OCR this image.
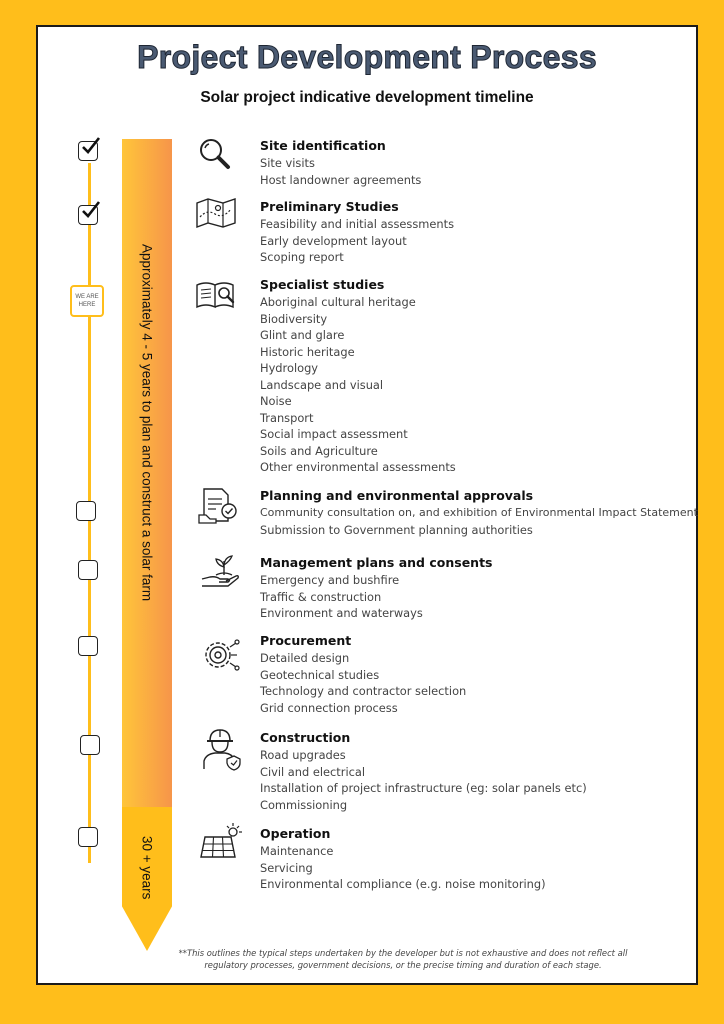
Project Development Process
Solar project indicative development timeline
WE ARE HERE	Approximately 4 - 5 years to plan and construct a solar farm
30 + years
Site identification
Site visits
Host landowner agreements
Preliminary Studies
Feasibility and initial assessments
Early development layout
Scoping report
Specialist studies
Aboriginal cultural heritage
Biodiversity
Glint and glare
Historic heritage
Hydrology
Landscape and visual
Noise
Transport
Social impact assessment
Soils and Agriculture
Other environmental assessments
Planning and environmental approvals
Community consultation on, and exhibition of Environmental Impact Statement
Submission to Government planning authorities
Management plans and consents
Emergency and bushfire
Traffic & construction
Environment and waterways
Procurement
Detailed design
Geotechnical studies
Technology and contractor selection
Grid connection process
Construction
Road upgrades
Civil and electrical
Installation of project infrastructure (eg: solar panels etc)
Commissioning
Operation
Maintenance
Servicing
Environmental compliance (e.g. noise monitoring)
**This outlines the typical steps undertaken by the developer but is not exhaustive and does not reflect all regulatory processes, government decisions, or the precise timing and duration of each stage.
